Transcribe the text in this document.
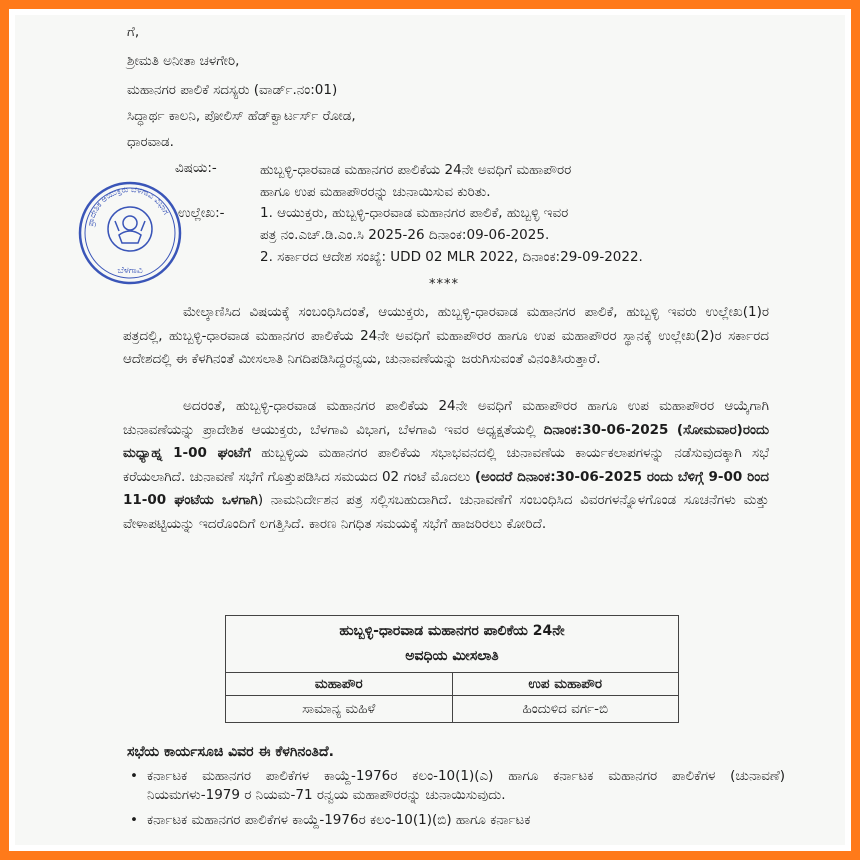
ಗೆ,
ಶ್ರೀಮತಿ ಅನೀತಾ ಚಳಗೇರಿ,
ಮಹಾನಗರ ಪಾಲಿಕೆ ಸದಸ್ಯರು (ವಾರ್ಡ್.ನಂ:01)
ಸಿದ್ಧಾರ್ಥ ಕಾಲನಿ, ಪೋಲಿಸ್ ಹೆಡ್‌ಕ್ವಾರ್ಟರ್ಸ್ ರೋಡ,
ಧಾರವಾಡ.
ವಿಷಯ:-	ಹುಬ್ಬಳ್ಳಿ-ಧಾರವಾಡ ಮಹಾನಗರ ಪಾಲಿಕೆಯ 24ನೇ ಅವಧಿಗೆ ಮಹಾಪೌರರ
ಹಾಗೂ ಉಪ ಮಹಾಪೌರರನ್ನು ಚುನಾಯಿಸುವ ಕುರಿತು.
ಉಲ್ಲೇಖ:-	1. ಆಯುಕ್ತರು, ಹುಬ್ಬಳ್ಳಿ-ಧಾರವಾಡ ಮಹಾನಗರ ಪಾಲಿಕೆ, ಹುಬ್ಬಳ್ಳಿ ಇವರ
ಪತ್ರ ನಂ.ಎಚ್.ಡಿ.ಎಂ.ಸಿ 2025-26 ದಿನಾಂಕ:09-06-2025.
2. ಸರ್ಕಾರದ ಆದೇಶ ಸಂಖ್ಯೆ: UDD 02 MLR 2022, ದಿನಾಂಕ:29-09-2022.
ಪ್ರಾದೇಶಿಕ ಆಯುಕ್ತರು ಬೆಳಗಾವಿ ವಿಭಾಗ
ಬೆಳಗಾವಿ
****
ಮೇಲ್ಕಾಣಿಸಿದ ವಿಷಯಕ್ಕೆ ಸಂಬಂಧಿಸಿದಂತೆ, ಆಯುಕ್ತರು, ಹುಬ್ಬಳ್ಳಿ-ಧಾರವಾಡ ಮಹಾನಗರ ಪಾಲಿಕೆ, ಹುಬ್ಬಳ್ಳಿ ಇವರು ಉಲ್ಲೇಖ(1)ರ ಪತ್ರದಲ್ಲಿ, ಹುಬ್ಬಳ್ಳಿ-ಧಾರವಾಡ ಮಹಾನಗರ ಪಾಲಿಕೆಯ 24ನೇ ಅವಧಿಗೆ ಮಹಾಪೌರರ ಹಾಗೂ ಉಪ ಮಹಾಪೌರರ ಸ್ಥಾನಕ್ಕೆ ಉಲ್ಲೇಖ(2)ರ ಸರ್ಕಾರದ ಆದೇಶದಲ್ಲಿ ಈ ಕೆಳಗಿನಂತೆ ಮೀಸಲಾತಿ ನಿಗದಿಪಡಿಸಿದ್ದರನ್ವಯ, ಚುನಾವಣೆಯನ್ನು ಜರುಗಿಸುವಂತೆ ವಿನಂತಿಸಿರುತ್ತಾರೆ.
ಅದರಂತೆ, ಹುಬ್ಬಳ್ಳಿ-ಧಾರವಾಡ ಮಹಾನಗರ ಪಾಲಿಕೆಯ 24ನೇ ಅವಧಿಗೆ ಮಹಾಪೌರರ ಹಾಗೂ ಉಪ ಮಹಾಪೌರರ ಆಯ್ಕೆಗಾಗಿ ಚುನಾವಣೆಯನ್ನು ಪ್ರಾದೇಶಿಕ ಆಯುಕ್ತರು, ಬೆಳಗಾವಿ ವಿಭಾಗ, ಬೆಳಗಾವಿ ಇವರ ಅಧ್ಯಕ್ಷತೆಯಲ್ಲಿ ದಿನಾಂಕ:30-06-2025 (ಸೋಮವಾರ)ರಂದು ಮಧ್ಯಾಹ್ನ 1-00 ಘಂಟೆಗೆ ಹುಬ್ಬಳ್ಳಿಯ ಮಹಾನಗರ ಪಾಲಿಕೆಯ ಸಭಾಭವನದಲ್ಲಿ ಚುನಾವಣೆಯ ಕಾರ್ಯಕಲಾಪಗಳನ್ನು ನಡೆಸುವುದಕ್ಕಾಗಿ ಸಭೆ ಕರೆಯಲಾಗಿದೆ. ಚುನಾವಣೆ ಸಭೆಗೆ ಗೊತ್ತುಪಡಿಸಿದ ಸಮಯದ 02 ಗಂಟೆ ಮೊದಲು (ಅಂದರೆ ದಿನಾಂಕ:30-06-2025 ರಂದು ಬೆಳಿಗ್ಗೆ 9-00 ರಿಂದ 11-00 ಘಂಟೆಯ ಒಳಗಾಗಿ) ನಾಮನಿರ್ದೇಶನ ಪತ್ರ ಸಲ್ಲಿಸಬಹುದಾಗಿದೆ. ಚುನಾವಣೆಗೆ ಸಂಬಂಧಿಸಿದ ವಿವರಗಳನ್ನೊಳಗೊಂಡ ಸೂಚನೆಗಳು ಮತ್ತು ವೇಳಾಪಟ್ಟಿಯನ್ನು ಇದರೊಂದಿಗೆ ಲಗತ್ತಿಸಿದೆ. ಕಾರಣ ನಿಗಧಿತ ಸಮಯಕ್ಕೆ ಸಭೆಗೆ ಹಾಜರಿರಲು ಕೋರಿದೆ.
ಹುಬ್ಬಳ್ಳಿ-ಧಾರವಾಡ ಮಹಾನಗರ ಪಾಲಿಕೆಯ 24ನೇ
ಅವಧಿಯ ಮೀಸಲಾತಿ	

ಮಹಾಪೌರ	ಉಪ ಮಹಾಪೌರ
ಸಾಮಾನ್ಯ ಮಹಿಳೆ	ಹಿಂದುಳಿದ ವರ್ಗ-ಬಿ
ಸಭೆಯ ಕಾರ್ಯಸೂಚಿ ವಿವರ ಈ ಕೆಳಗಿನಂತಿದೆ.
• ಕರ್ನಾಟಕ ಮಹಾನಗರ ಪಾಲಿಕೆಗಳ ಕಾಯ್ದೆ-1976ರ ಕಲಂ-10(1)(ಎ) ಹಾಗೂ ಕರ್ನಾಟಕ ಮಹಾನಗರ ಪಾಲಿಕೆಗಳ (ಚುನಾವಣೆ) ನಿಯಮಗಳು-1979 ರ ನಿಯಮ-71 ರನ್ವಯ ಮಹಾಪೌರರನ್ನು ಚುನಾಯಿಸುವುದು.
• ಕರ್ನಾಟಕ ಮಹಾನಗರ ಪಾಲಿಕೆಗಳ ಕಾಯ್ದೆ-1976ರ ಕಲಂ-10(1)(ಬಿ) ಹಾಗೂ ಕರ್ನಾಟಕ
